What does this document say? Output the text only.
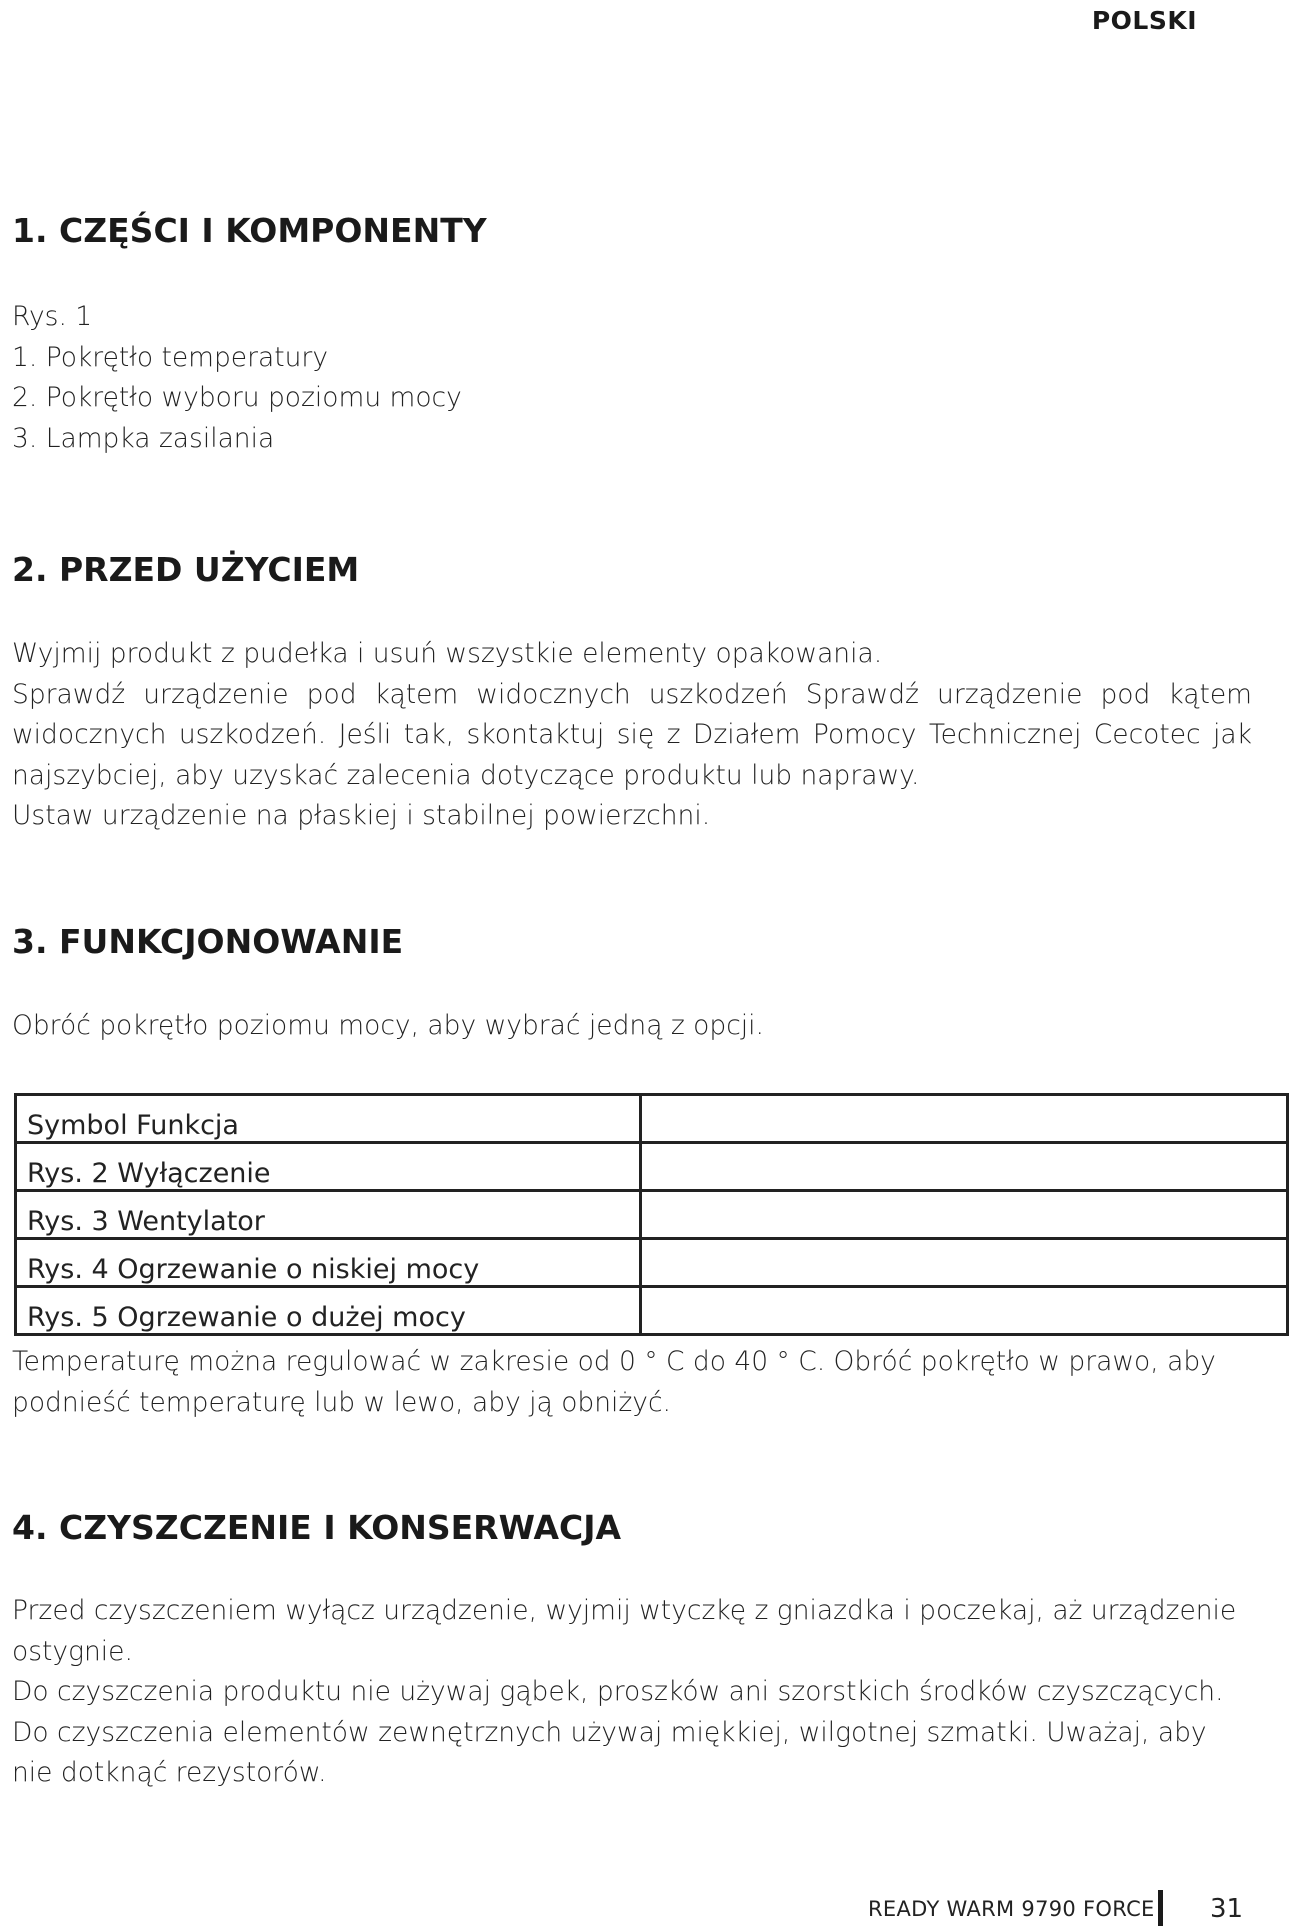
POLSKI
1. CZĘŚCI I KOMPONENTY

Rys. 1

1. Pokrętło temperatury

2. Pokrętło wyboru poziomu mocy

3. Lampka zasilania

2. PRZED UŻYCIEM

Wyjmij produkt z pudełka i usuń wszystkie elementy opakowania.

Sprawdź urządzenie pod kątem widocznych uszkodzeń Sprawdź urządzenie pod kątem widocznych uszkodzeń. Jeśli tak, skontaktuj się z Działem Pomocy Technicznej Cecotec jak najszybciej, aby uzyskać zalecenia dotyczące produktu lub naprawy.

Ustaw urządzenie na płaskiej i stabilnej powierzchni.

3. FUNKCJONOWANIE

Obróć pokrętło poziomu mocy, aby wybrać jedną z opcji.

Symbol Funkcja	
Rys. 2 Wyłączenie	
Rys. 3 Wentylator	
Rys. 4 Ogrzewanie o niskiej mocy	
Rys. 5 Ogrzewanie o dużej mocy	

Temperaturę można regulować w zakresie od 0 ° C do 40 ° C. Obróć pokrętło w prawo, aby podnieść temperaturę lub w lewo, aby ją obniżyć.

4. CZYSZCZENIE I KONSERWACJA

Przed czyszczeniem wyłącz urządzenie, wyjmij wtyczkę z gniazdka i poczekaj, aż urządzenie ostygnie.

Do czyszczenia produktu nie używaj gąbek, proszków ani szorstkich środków czyszczących.

Do czyszczenia elementów zewnętrznych używaj miękkiej, wilgotnej szmatki. Uważaj, aby nie dotknąć rezystorów.

READY WARM 9790 FORCE 31
